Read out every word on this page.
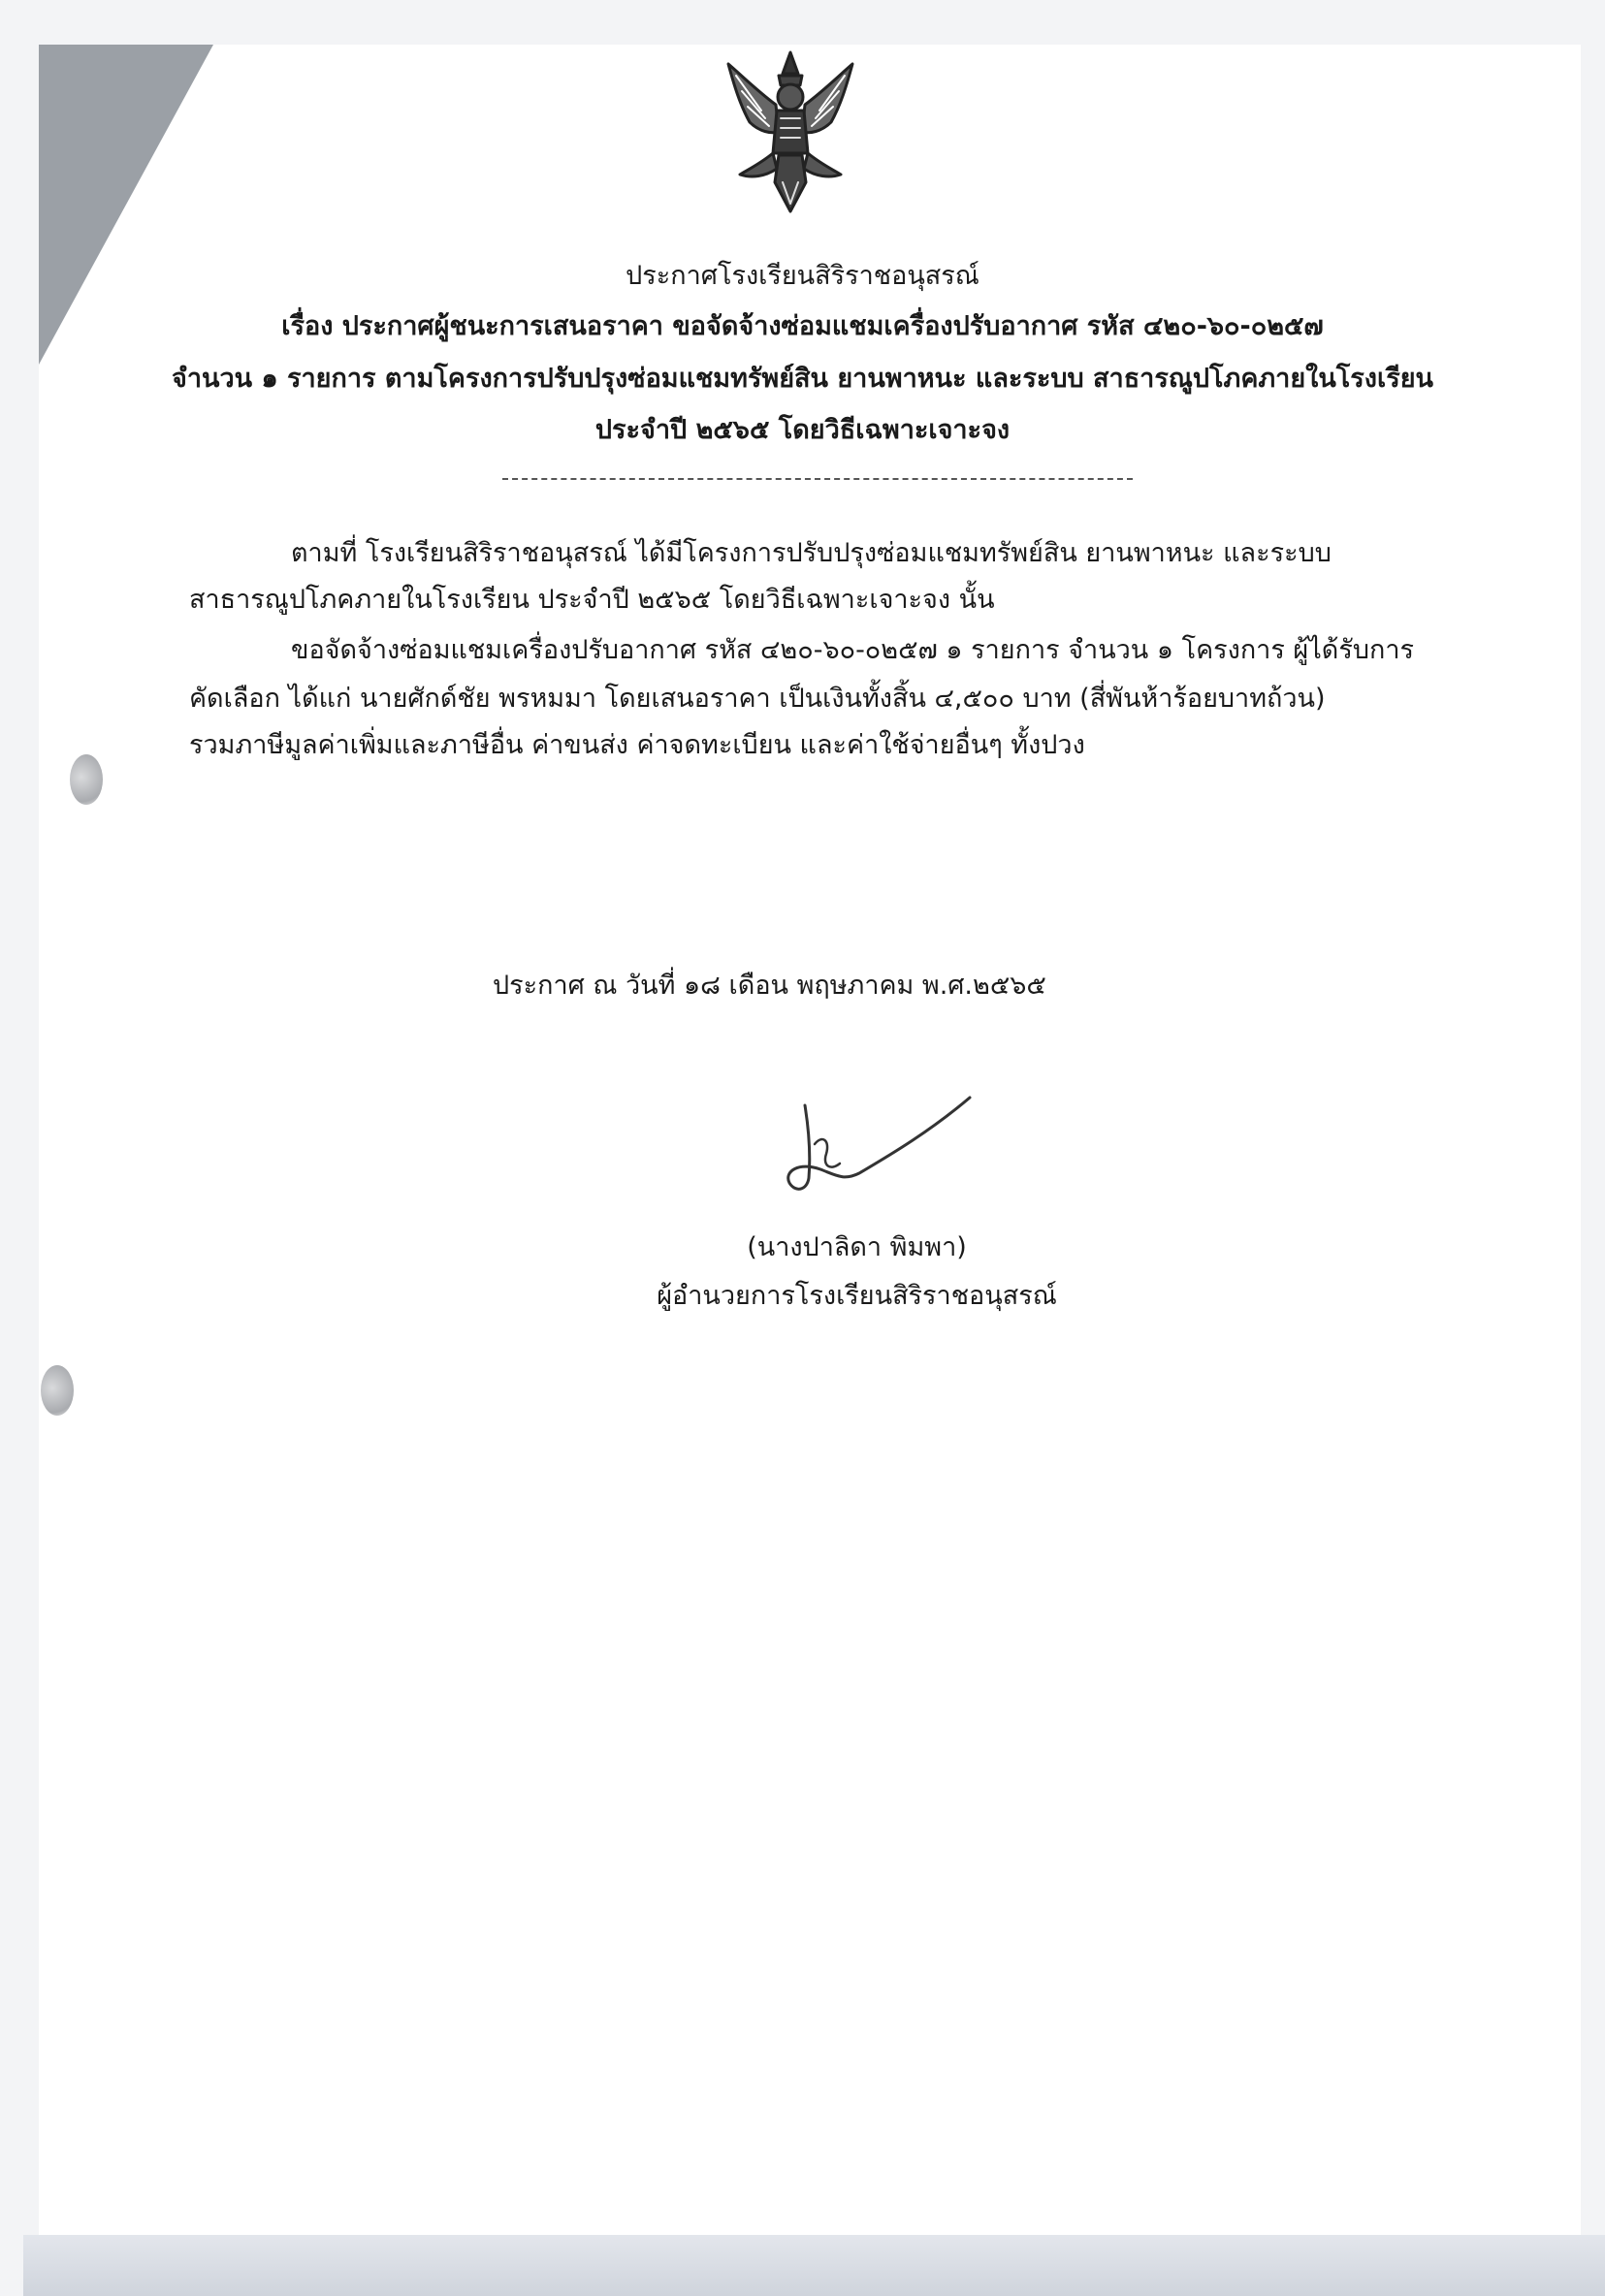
ประกาศโรงเรียนสิริราชอนุสรณ์
เรื่อง ประกาศผู้ชนะการเสนอราคา ขอจัดจ้างซ่อมแชมเครื่องปรับอากาศ รหัส ๔๒๐-๖๐-๐๒๕๗
จำนวน ๑ รายการ ตามโครงการปรับปรุงซ่อมแชมทรัพย์สิน ยานพาหนะ และระบบ สาธารณูปโภคภายในโรงเรียน
ประจำปี ๒๕๖๕ โดยวิธีเฉพาะเจาะจง
ตามที่ โรงเรียนสิริราชอนุสรณ์ ได้มีโครงการปรับปรุงซ่อมแชมทรัพย์สิน ยานพาหนะ และระบบ
สาธารณูปโภคภายในโรงเรียน ประจำปี ๒๕๖๕ โดยวิธีเฉพาะเจาะจง นั้น
ขอจัดจ้างซ่อมแชมเครื่องปรับอากาศ รหัส ๔๒๐-๖๐-๐๒๕๗ ๑ รายการ จำนวน ๑ โครงการ ผู้ได้รับการ
คัดเลือก ได้แก่ นายศักด์ชัย พรหมมา โดยเสนอราคา เป็นเงินทั้งสิ้น ๔,๕๐๐ บาท (สี่พันห้าร้อยบาทถ้วน)
รวมภาษีมูลค่าเพิ่มและภาษีอื่น ค่าขนส่ง ค่าจดทะเบียน และค่าใช้จ่ายอื่นๆ ทั้งปวง
ประกาศ ณ วันที่ ๑๘ เดือน พฤษภาคม พ.ศ.๒๕๖๕
(นางปาลิดา พิมพา)
ผู้อำนวยการโรงเรียนสิริราชอนุสรณ์
